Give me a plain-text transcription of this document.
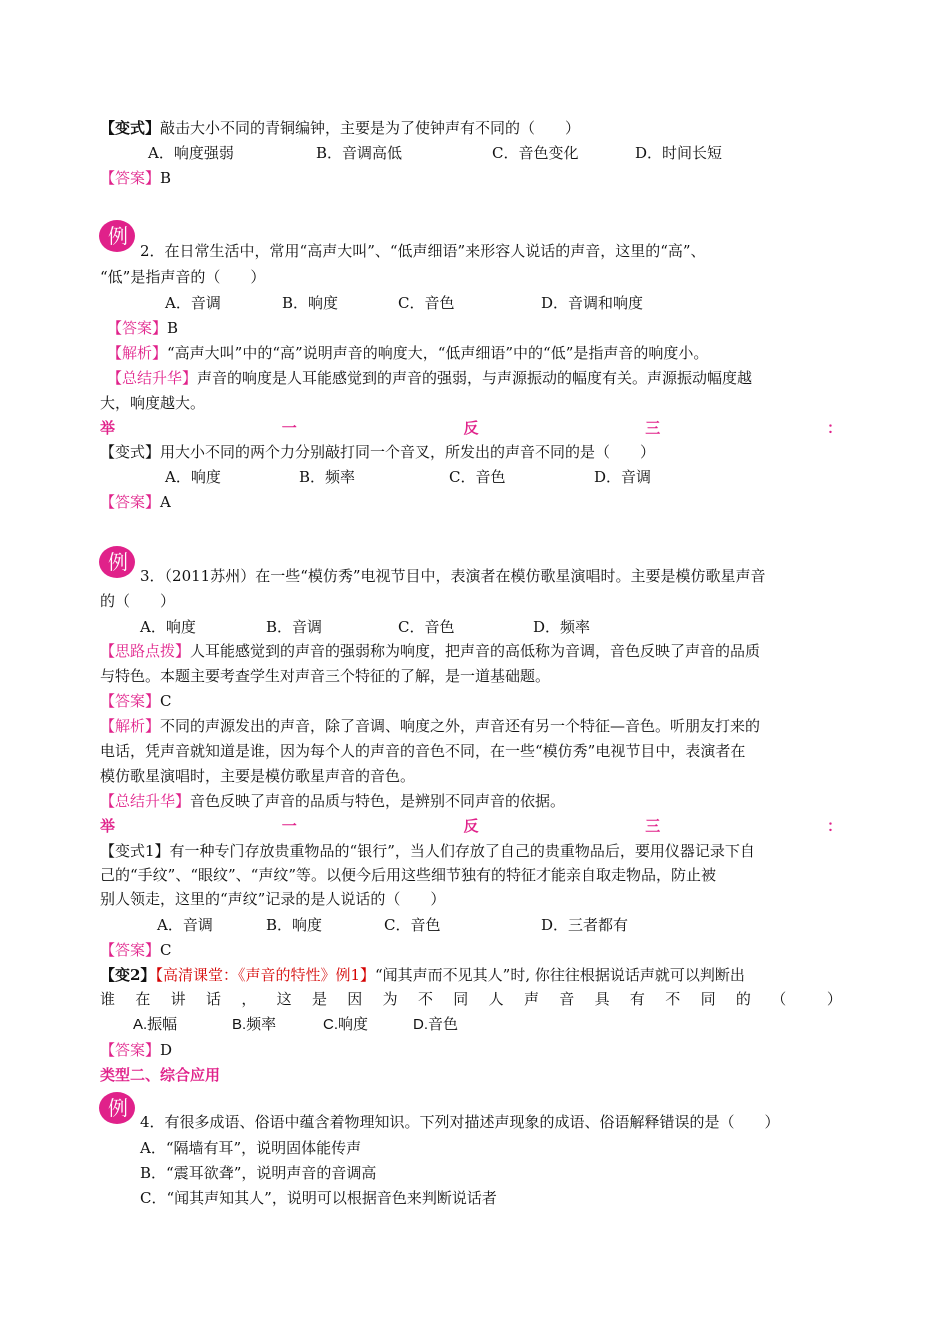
【变式】敲击大小不同的青铜编钟，主要是为了使钟声有不同的（　　）
A．响度强弱	B．音调高低	C．音色变化	D．时间长短
【答案】B
例
2．在日常生活中，常用“高声大叫”、“低声细语”来形容人说话的声音，这里的“高”、
“低”是指声音的（　　）
A．音调	B．响度	C．音色	D．音调和响度
【答案】B
【解析】“高声大叫”中的“高”说明声音的响度大，“低声细语”中的“低”是指声音的响度小。
【总结升华】声音的响度是人耳能感觉到的声音的强弱，与声源振动的幅度有关。声源振动幅度越
大，响度越大。
举	一	反	三	：
【变式】用大小不同的两个力分别敲打同一个音叉，所发出的声音不同的是（　　）
A．响度	B．频率	C．音色	D．音调
【答案】A
例
3．（2011苏州）在一些“模仿秀”电视节目中，表演者在模仿歌星演唱时。主要是模仿歌星声音
的（　　）
A．响度	B．音调	C．音色	D．频率
【思路点拨】人耳能感觉到的声音的强弱称为响度，把声音的高低称为音调，音色反映了声音的品质
与特色。本题主要考查学生对声音三个特征的了解，是一道基础题。
【答案】C
【解析】不同的声源发出的声音，除了音调、响度之外，声音还有另一个特征—音色。听朋友打来的
电话，凭声音就知道是谁，因为每个人的声音的音色不同，在一些“模仿秀”电视节目中，表演者在
模仿歌星演唱时，主要是模仿歌星声音的音色。
【总结升华】音色反映了声音的品质与特色，是辨别不同声音的依据。
举	一	反	三	：
【变式1】有一种专门存放贵重物品的“银行”，当人们存放了自己的贵重物品后，要用仪器记录下自
己的“手纹”、“眼纹”、“声纹”等。以便今后用这些细节独有的特征才能亲自取走物品，防止被
别人领走，这里的“声纹”记录的是人说话的（　　）
A．音调	B．响度	C．音色	D．三者都有
【答案】C
【变2】【高清课堂：《声音的特性》例1】“闻其声而不见其人”时, 你往往根据说话声就可以判断出
谁 在 讲 话 ， 这 是 因 为 不 同 人 声 音 具 有 不 同 的 （	）
A.振幅	B.频率	C.响度	D.音色
【答案】D
类型二、综合应用
例
4．有很多成语、俗语中蕴含着物理知识。下列对描述声现象的成语、俗语解释错误的是（　　）
A．“隔墙有耳”，说明固体能传声
B．“震耳欲聋”，说明声音的音调高
C．“闻其声知其人”，说明可以根据音色来判断说话者
